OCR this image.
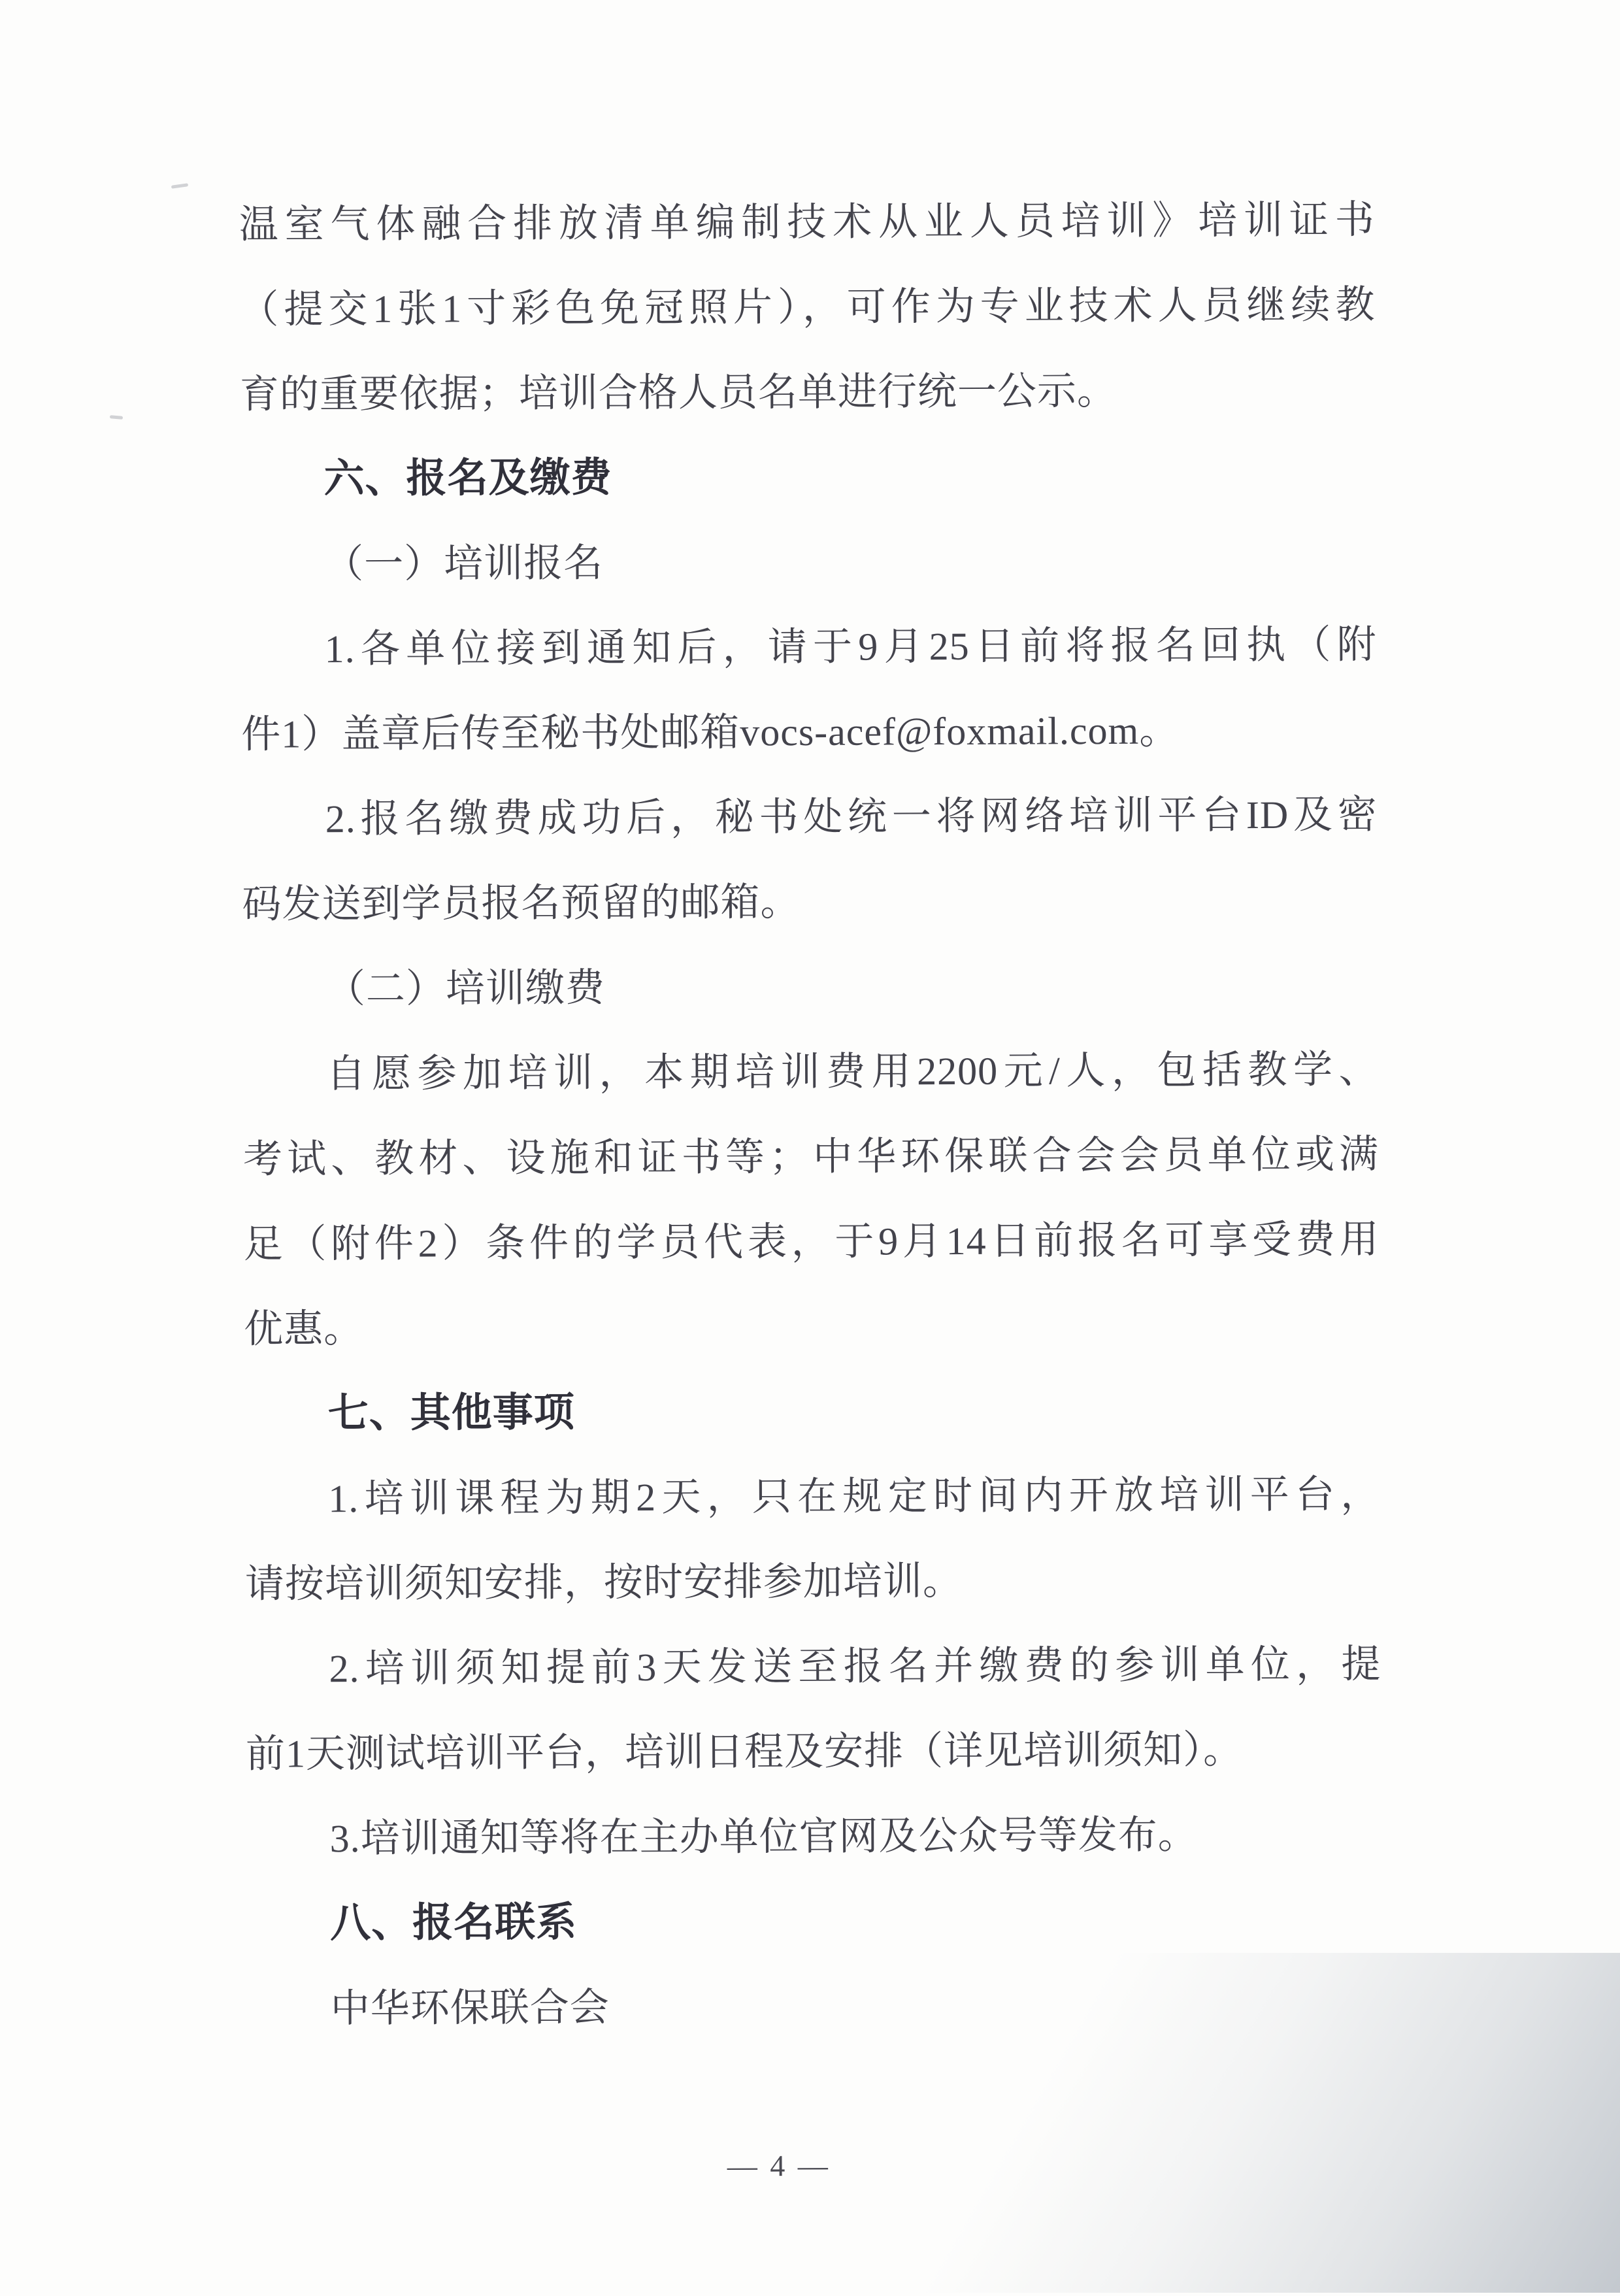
温室气体融合排放清单编制技术从业人员培训》培训证书
（提交1张1寸彩色免冠照片），可作为专业技术人员继续教
育的重要依据；培训合格人员名单进行统一公示。
六、报名及缴费
（一）培训报名
1.各单位接到通知后，请于9月25日前将报名回执（附
件1）盖章后传至秘书处邮箱vocs-acef@foxmail.com。
2.报名缴费成功后，秘书处统一将网络培训平台ID及密
码发送到学员报名预留的邮箱。
（二）培训缴费
自愿参加培训，本期培训费用2200元/人，包括教学、
考试、教材、设施和证书等；中华环保联合会会员单位或满
足（附件2）条件的学员代表，于9月14日前报名可享受费用
优惠。
七、其他事项
1.培训课程为期2天，只在规定时间内开放培训平台，
请按培训须知安排，按时安排参加培训。
2.培训须知提前3天发送至报名并缴费的参训单位，提
前1天测试培训平台，培训日程及安排（详见培训须知）。
3.培训通知等将在主办单位官网及公众号等发布。
八、报名联系
中华环保联合会
— 4 —
